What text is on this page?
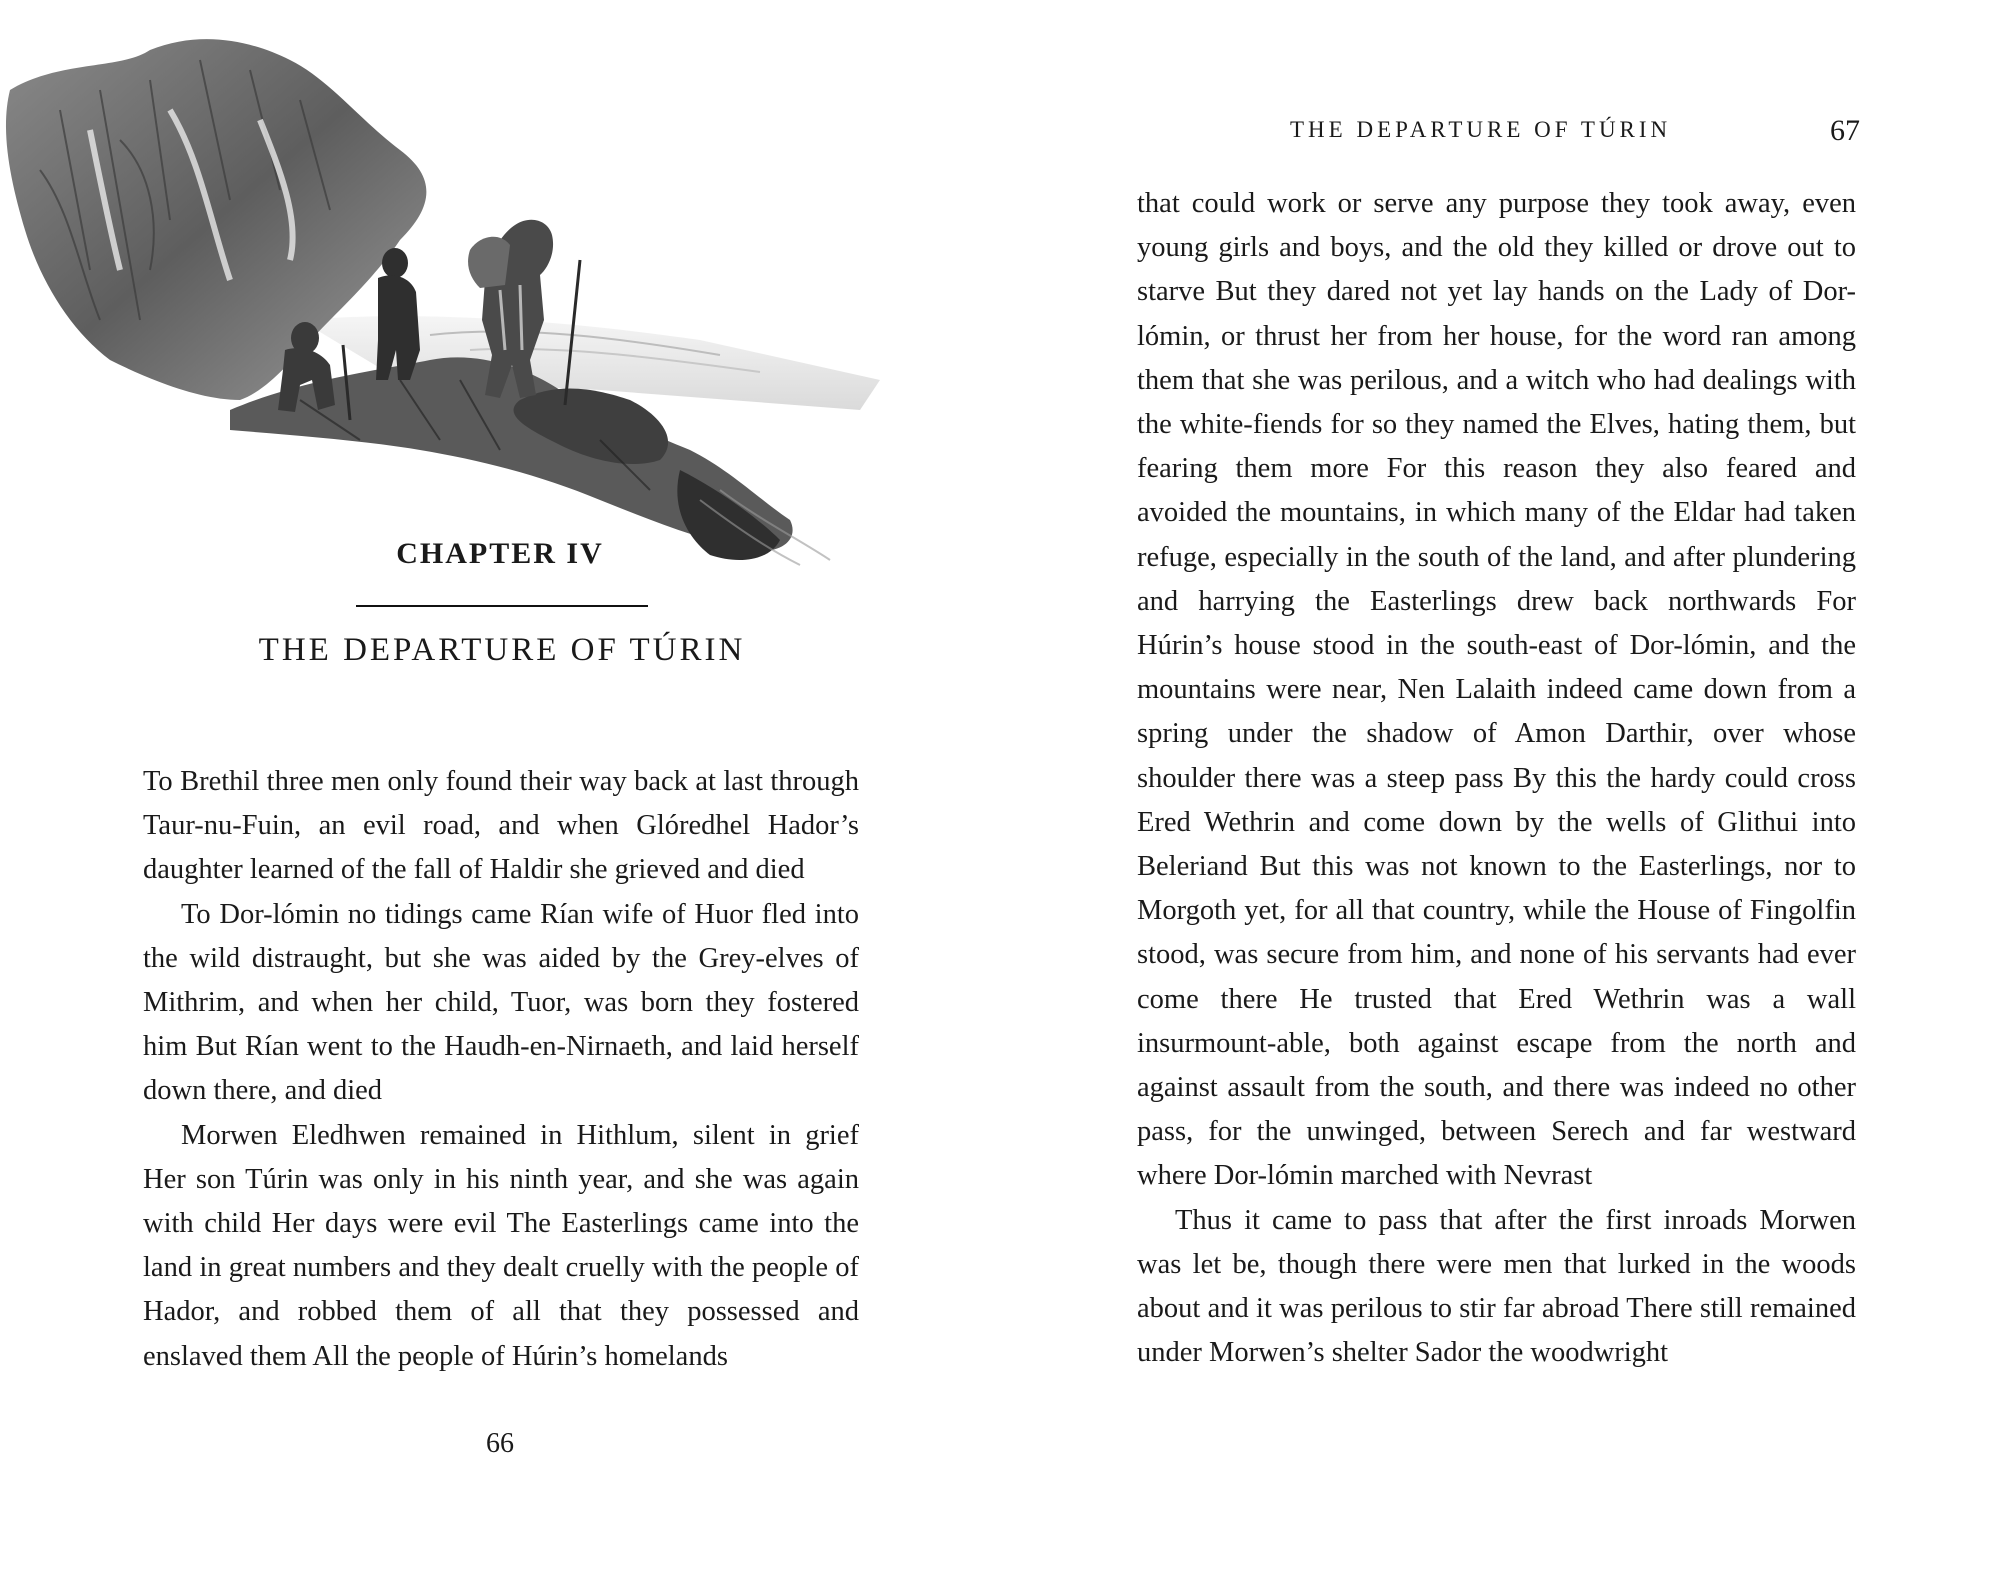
CHAPTER IV
THE DEPARTURE OF TÚRIN

To Brethil three men only found their way back at last through Taur-nu-Fuin, an evil road, and when Glóredhel Hador’s daughter learned of the fall of Haldir she grieved and died

To Dor-lómin no tidings came Rían wife of Huor fled into the wild distraught, but she was aided by the Grey-elves of Mithrim, and when her child, Tuor, was born they fostered him But Rían went to the Haudh-en-Nirnaeth, and laid herself down there, and died

Morwen Eledhwen remained in Hithlum, silent in grief Her son Túrin was only in his ninth year, and she was again with child Her days were evil The Easterlings came into the land in great numbers and they dealt cruelly with the people of Hador, and robbed them of all that they possessed and enslaved them All the people of Húrin’s homelands

66
THE DEPARTURE OF TÚRIN	67

that could work or serve any purpose they took away, even young girls and boys, and the old they killed or drove out to starve But they dared not yet lay hands on the Lady of Dor-lómin, or thrust her from her house, for the word ran among them that she was perilous, and a witch who had dealings with the white-fiends for so they named the Elves, hating them, but fearing them more For this reason they also feared and avoided the mountains, in which many of the Eldar had taken refuge, especially in the south of the land, and after plundering and harrying the Easterlings drew back northwards For Húrin’s house stood in the south-east of Dor-lómin, and the mountains were near, Nen Lalaith indeed came down from a spring under the shadow of Amon Darthir, over whose shoulder there was a steep pass By this the hardy could cross Ered Wethrin and come down by the wells of Glithui into Beleriand But this was not known to the Easterlings, nor to Morgoth yet, for all that country, while the House of Fingolfin stood, was secure from him, and none of his servants had ever come there He trusted that Ered Wethrin was a wall insurmount-able, both against escape from the north and against assault from the south, and there was indeed no other pass, for the unwinged, between Serech and far westward where Dor-lómin marched with Nevrast

Thus it came to pass that after the first inroads Morwen was let be, though there were men that lurked in the woods about and it was perilous to stir far abroad There still remained under Morwen’s shelter Sador the woodwright
